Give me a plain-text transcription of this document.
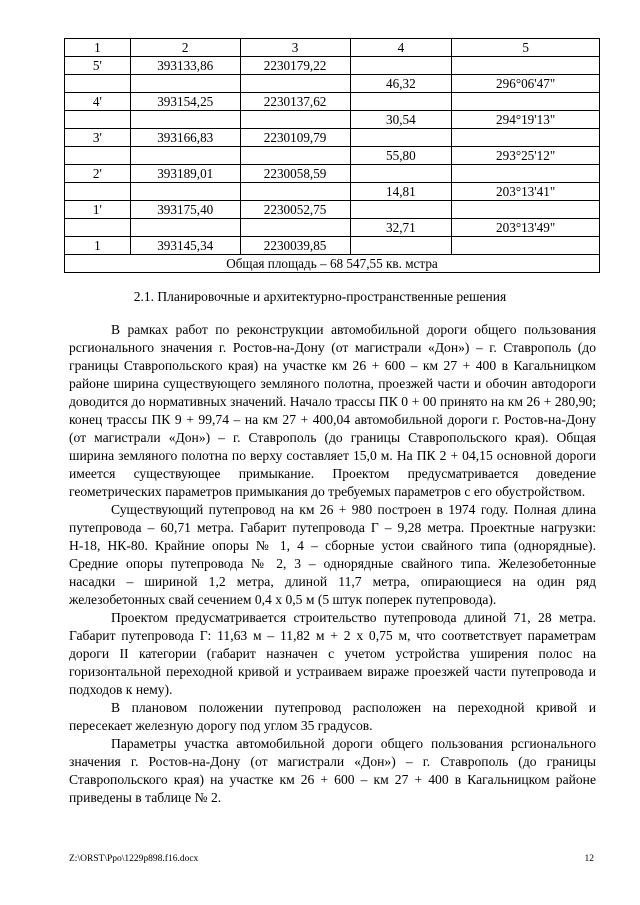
1	2	3	4	5
5'	393133,86	2230179,22		
			46,32	296°06'47"
4'	393154,25	2230137,62		
			30,54	294°19'13"
3'	393166,83	2230109,79		
			55,80	293°25'12"
2'	393189,01	2230058,59		
			14,81	203°13'41"
1'	393175,40	2230052,75		
			32,71	203°13'49"
1	393145,34	2230039,85		
Общая площадь – 68 547,55 кв. мстра				
2.1. Планировочные и архитектурно-пространственные решения

В рамках работ по реконструкции автомобильной дороги общего пользования рсгионального значения г. Ростов-на-Дону (от магистрали «Дон») – г. Ставрополь (до границы Ставропольского края) на участке км 26 + 600 – км 27 + 400 в Кагальницком районе ширина существующего земляного полотна, проезжей части и обочин автодороги доводится до нормативных значений. Начало трассы ПК 0 + 00 принято на км 26 + 280,90; конец трассы ПК 9 + 99,74 – на км 27 + 400,04 автомобильной дороги г. Ростов-на-Дону (от магистрали «Дон») – г. Ставрополь (до границы Ставропольского края). Общая ширина земляного полотна по верху составляет 15,0 м. На ПК 2 + 04,15 основной дороги имеется существующее примыкание. Проектом предусматривается доведение геометрических параметров примыкания до требуемых параметров с его обустройством.

Существующий путепровод на км 26 + 980 построен в 1974 году. Полная длина путепровода – 60,71 метра. Габарит путепровода Г – 9,28 метра. Проектные нагрузки: Н-18, НК-80. Крайние опоры № 1, 4 – сборные устои свайного типа (однорядные). Средние опоры путепровода № 2, 3 – однорядные свайного типа. Железобетонные насадки – шириной 1,2 метра, длиной 11,7 метра, опирающиеся на один ряд железобетонных свай сечением 0,4 х 0,5 м (5 штук поперек путепровода).

Проектом предусматривается строительство путепровода длиной 71, 28 метра. Габарит путепровода Г: 11,63 м – 11,82 м + 2 х 0,75 м, что соответствует параметрам дороги II категории (габарит назначен с учетом устройства уширения полос на горизонтальной переходной кривой и устраиваем вираже проезжей части путепровода и подходов к нему).

В плановом положении путепровод расположен на переходной кривой и пересекает железную дорогу под углом 35 градусов.

Параметры участка автомобильной дороги общего пользования рсгионального значения г. Ростов-на-Дону (от магистрали «Дон») – г. Ставрополь (до границы Ставропольского края) на участке км 26 + 600 – км 27 + 400 в Кагальницком районе приведены в таблице № 2.

Z:\ORST\Ppo\1229p898.f16.docx	12
